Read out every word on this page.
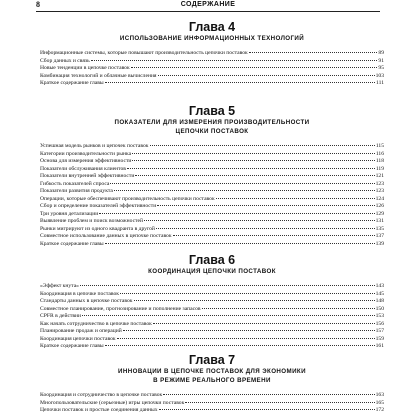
8	СОДЕРЖАНИЕ
Глава 4
ИСПОЛЬЗОВАНИЕ ИНФОРМАЦИОННЫХ ТЕХНОЛОГИЙ
Информационные системы, которые повышают производительность цепочки поставок	89
Сбор данных и связь	91
Новые тенденции в цепочке поставок	95
Комбинация технологий и облачные вычисления	103
Краткое содержание главы	111
Глава 5
ПОКАЗАТЕЛИ ДЛЯ ИЗМЕРЕНИЯ ПРОИЗВОДИТЕЛЬНОСТИ
ЦЕПОЧКИ ПОСТАВОК
Успешная модель рынков и цепочек поставок	115
Категории производительности рынка	116
Основа для измерения эффективности	118
Показатели обслуживания клиентов	119
Показатели внутренней эффективности	121
Гибкость показателей спроса	123
Показатели развития продукта	123
Операции, которые обеспечивают производительность цепочки поставок	124
Сбор и определение показателей эффективности	126
Три уровня детализации	129
Выявление проблем и поиск возможностей	131
Рынки мигрируют из одного квадранта в другой	135
Совместное использование данных в цепочке поставок	137
Краткое содержание главы	139
Глава 6
КООРДИНАЦИЯ ЦЕПОЧКИ ПОСТАВОК
«Эффект кнута»	143
Координация в цепочке поставок	145
Стандарты данных в цепочке поставок	148
Совместное планирование, прогнозирование и пополнение запасов	150
CPFR в действии	153
Как начать сотрудничество в цепочке поставок	156
Планирование продаж и операций	157
Координация цепочки поставок	159
Краткое содержание главы	161
Глава 7
ИННОВАЦИИ В ЦЕПОЧКЕ ПОСТАВОК ДЛЯ ЭКОНОМИКИ
В РЕЖИМЕ РЕАЛЬНОГО ВРЕМЕНИ
Координация и сотрудничество в цепочке поставок	163
Многопользовательские (серьезные) игры цепочки поставок	165
Цепочки поставок и простые соединения данных	172
